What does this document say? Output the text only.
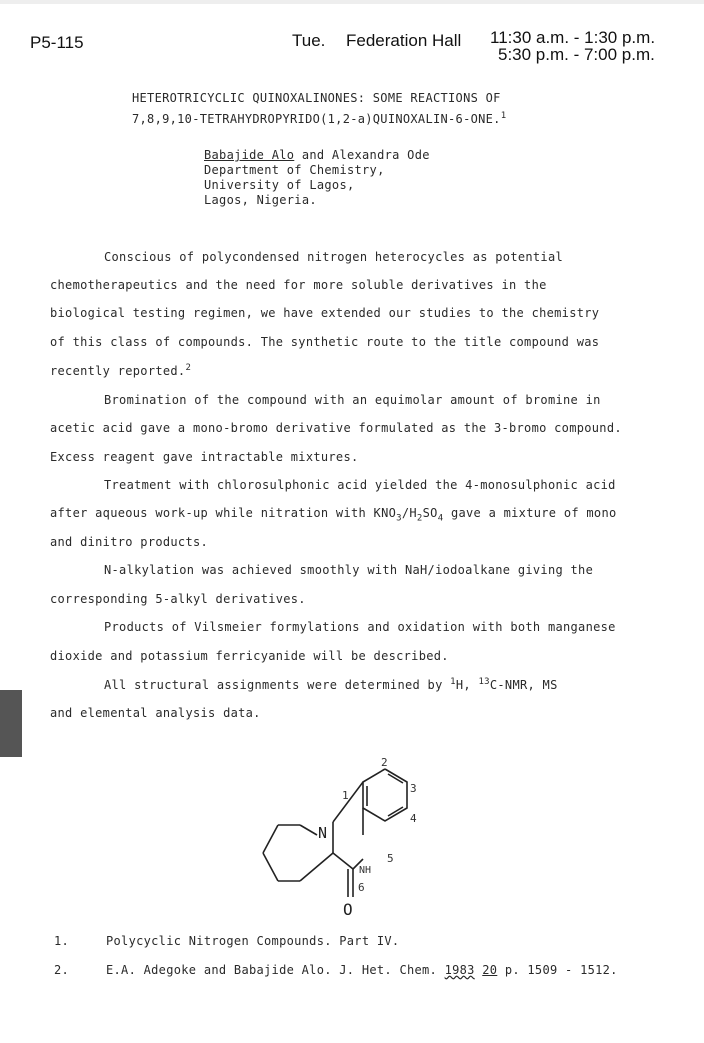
P5-115	Tue. Federation Hall 11:30 a.m. - 1:30 p.m.
5:30 p.m. - 7:00 p.m.
HETEROTRICYCLIC QUINOXALINONES: SOME REACTIONS OF
7,8,9,10-TETRAHYDROPYRIDO(1,2-a)QUINOXALIN-6-ONE.$^1$
Babajide Alo and Alexandra Ode
Department of Chemistry,
University of Lagos,
Lagos, Nigeria.
Conscious of polycondensed nitrogen heterocycles as potential
chemotherapeutics and the need for more soluble derivatives in the
biological testing regimen, we have extended our studies to the chemistry
of this class of compounds. The synthetic route to the title compound was
recently reported.$^2$
Bromination of the compound with an equimolar amount of bromine in
acetic acid gave a mono-bromo derivative formulated as the 3-bromo compound.
Excess reagent gave intractable mixtures.
Treatment with chlorosulphonic acid yielded the 4-monosulphonic acid
after aqueous work-up while nitration with $KNO_3/H_2SO_4$ gave a mixture of mono
and dinitro products.
N-alkylation was achieved smoothly with NaH/iodoalkane giving the
corresponding 5-alkyl derivatives.
Products of Vilsmeier formylations and oxidation with both manganese
dioxide and potassium ferricyanide will be described.
All structural assignments were determined by $^1$H, $^{13}$C-NMR, MS
and elemental analysis data.
N
1
2
3
4
5
NH
6
O
1.	Polycyclic Nitrogen Compounds. Part IV.
2.	E.A. Adegoke and Babajide Alo. J. Het. Chem. 1983 20 p. 1509 - 1512.
